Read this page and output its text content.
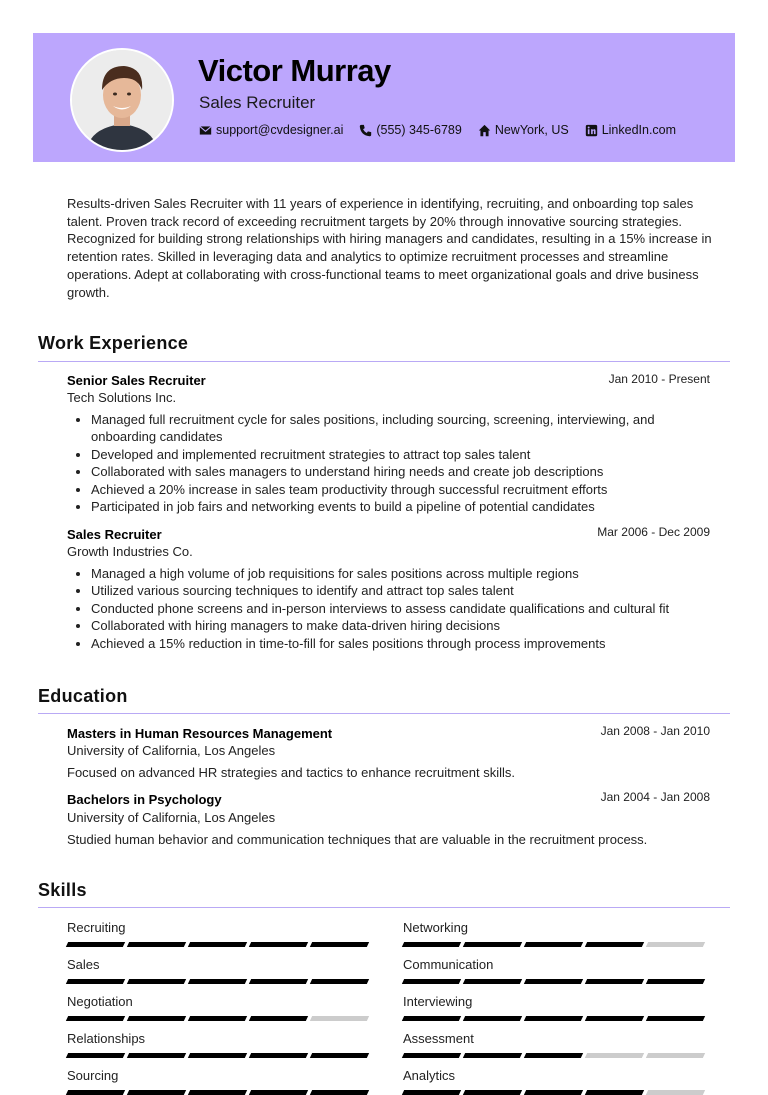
Victor Murray
Sales Recruiter
support@cvdesigner.ai	(555) 345-6789	NewYork, US	LinkedIn.com
Results-driven Sales Recruiter with 11 years of experience in identifying, recruiting, and onboarding top sales talent. Proven track record of exceeding recruitment targets by 20% through innovative sourcing strategies. Recognized for building strong relationships with hiring managers and candidates, resulting in a 15% increase in retention rates. Skilled in leveraging data and analytics to optimize recruitment processes and streamline operations. Adept at collaborating with cross-functional teams to meet organizational goals and drive business growth.
Work Experience
Senior Sales Recruiter	Jan 2010 - Present
Tech Solutions Inc.
• Managed full recruitment cycle for sales positions, including sourcing, screening, interviewing, and onboarding candidates
• Developed and implemented recruitment strategies to attract top sales talent
• Collaborated with sales managers to understand hiring needs and create job descriptions
• Achieved a 20% increase in sales team productivity through successful recruitment efforts
• Participated in job fairs and networking events to build a pipeline of potential candidates
Sales Recruiter	Mar 2006 - Dec 2009
Growth Industries Co.
• Managed a high volume of job requisitions for sales positions across multiple regions
• Utilized various sourcing techniques to identify and attract top sales talent
• Conducted phone screens and in-person interviews to assess candidate qualifications and cultural fit
• Collaborated with hiring managers to make data-driven hiring decisions
• Achieved a 15% reduction in time-to-fill for sales positions through process improvements
Education
Masters in Human Resources Management	Jan 2008 - Jan 2010
University of California, Los Angeles
Focused on advanced HR strategies and tactics to enhance recruitment skills.
Bachelors in Psychology	Jan 2004 - Jan 2008
University of California, Los Angeles
Studied human behavior and communication techniques that are valuable in the recruitment process.
Skills
Recruiting	Networking
Sales	Communication
Negotiation	Interviewing
Relationships	Assessment
Sourcing	Analytics
